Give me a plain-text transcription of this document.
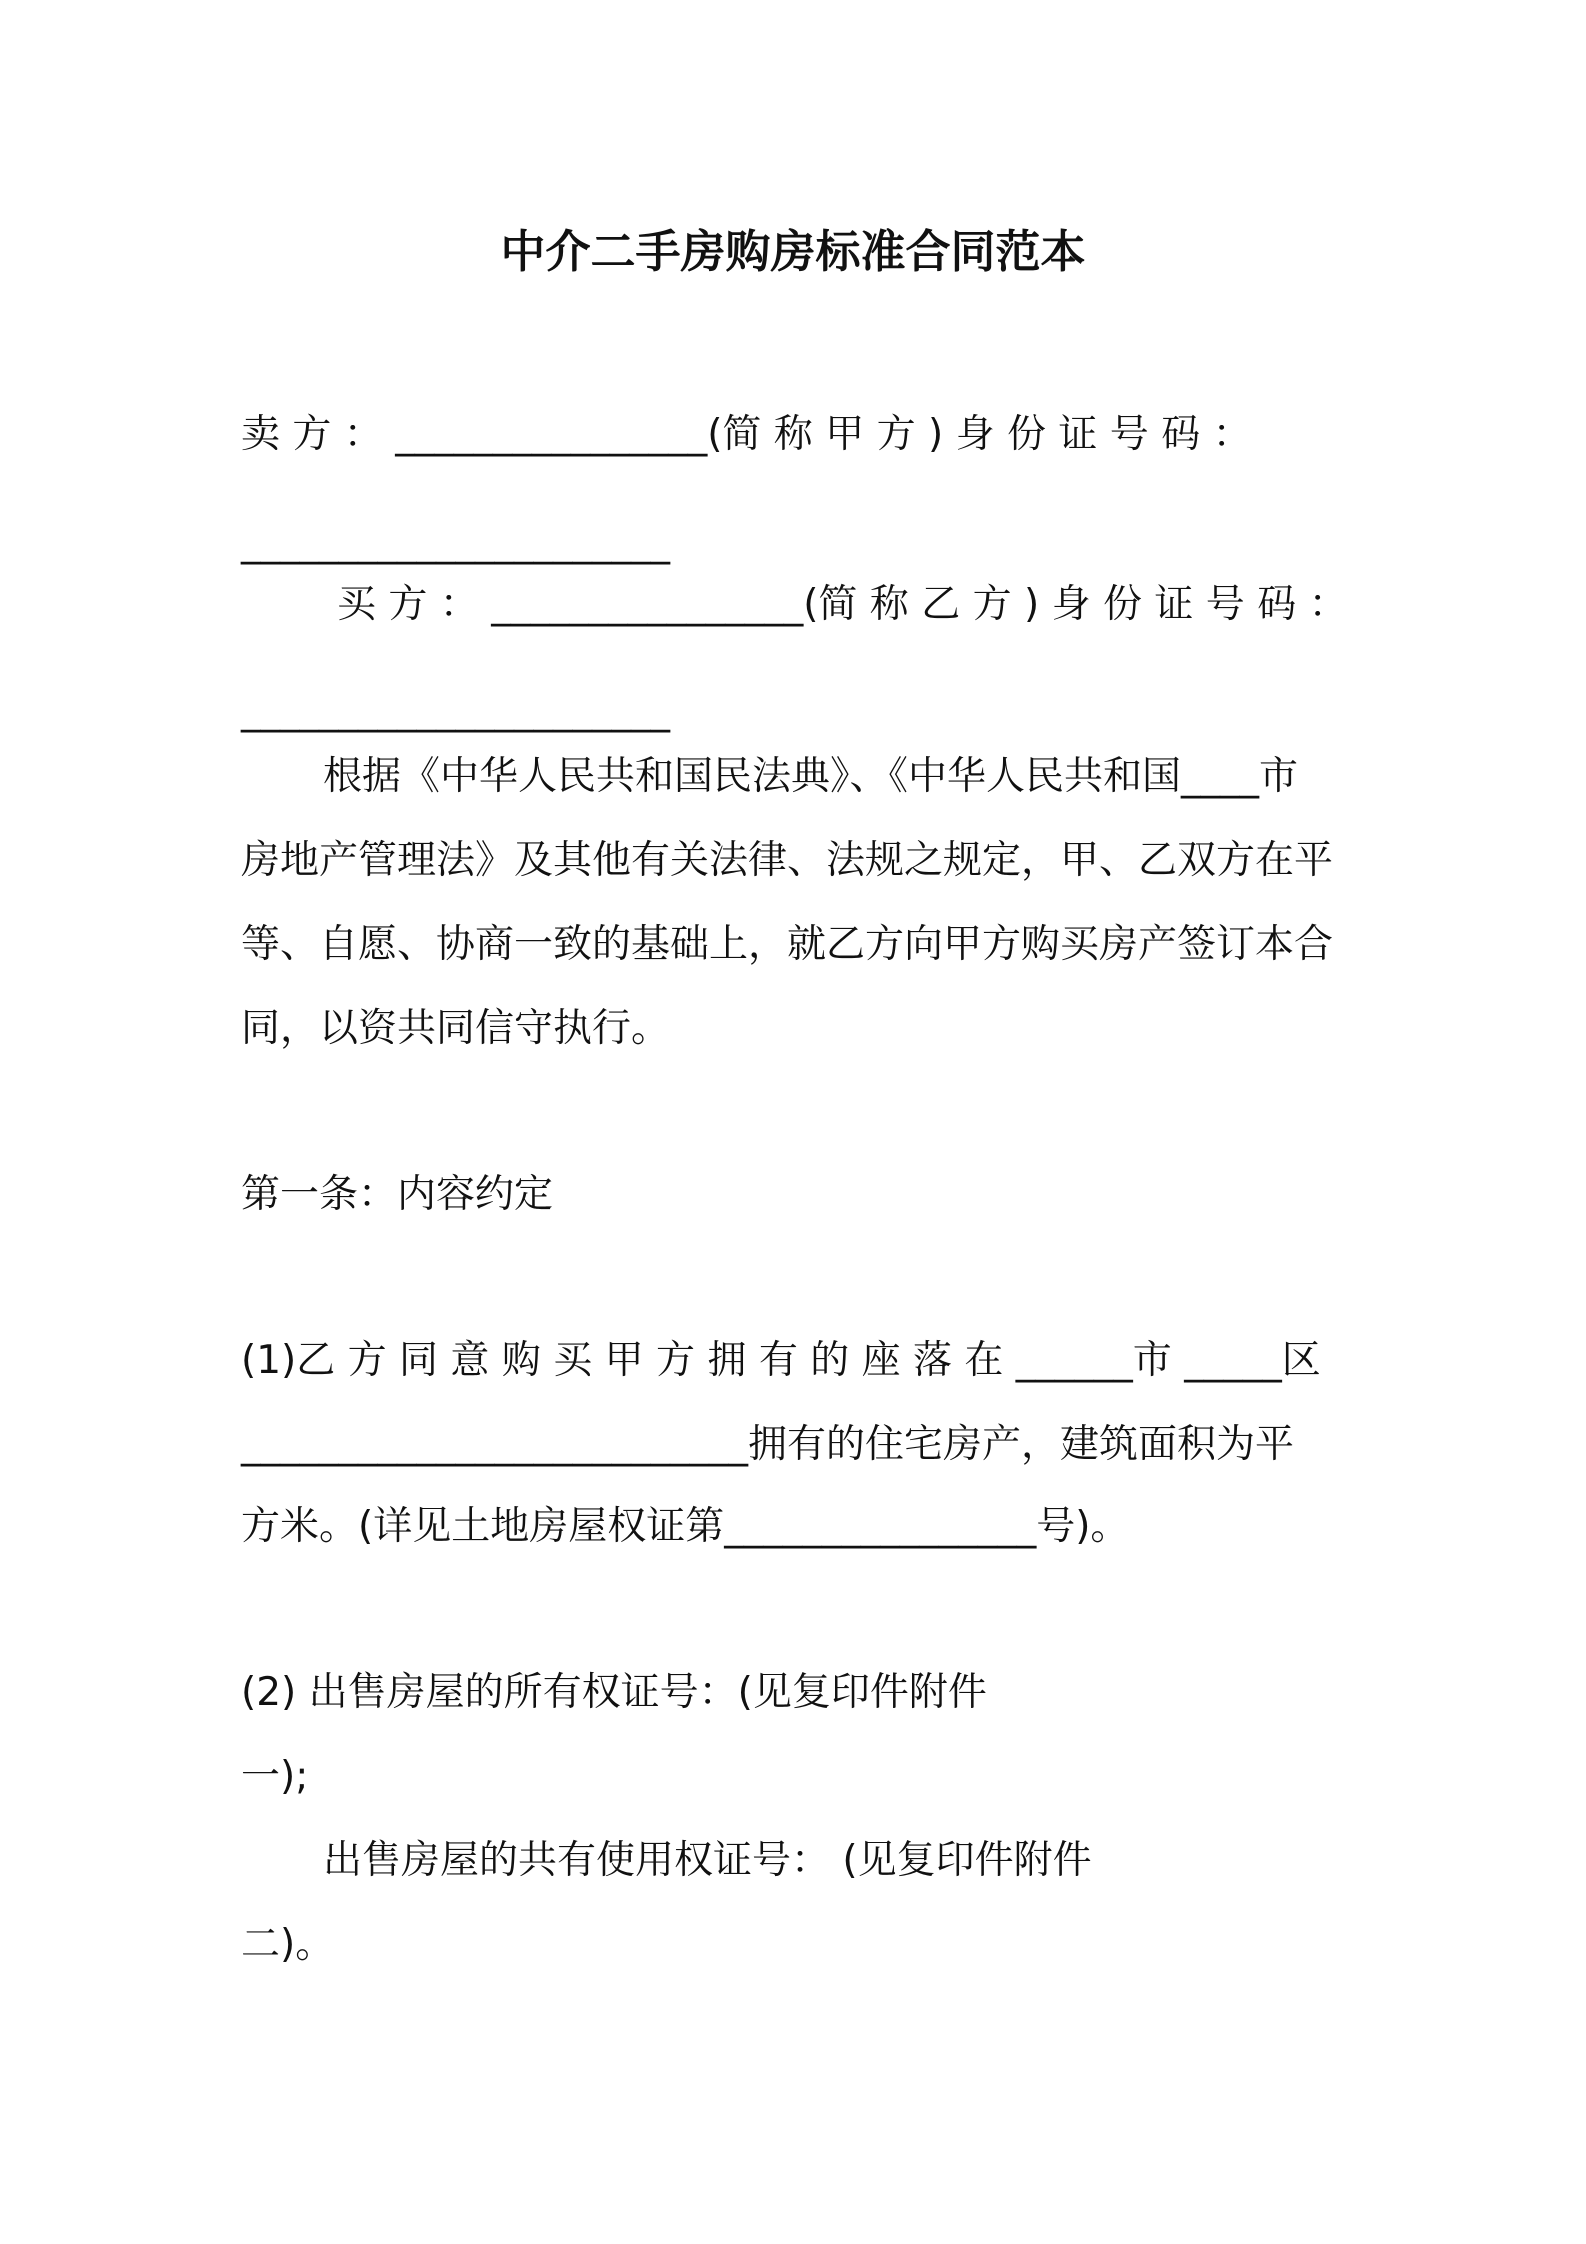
中介二手房购房标准合同范本

卖 方 ： ________________(简 称 甲 方 ) 身 份 证 号 码 ：

______________________

买 方 ： ________________(简 称 乙 方 ) 身 份 证 号 码 ：

______________________

根据《中华人民共和国民法典》、《中华人民共和国____市

房地产管理法》及其他有关法律、法规之规定，甲、乙双方在平

等、自愿、协商一致的基础上，就乙方向甲方购买房产签订本合

同，以资共同信守执行。

第一条：内容约定

(1)乙 方 同 意 购 买 甲 方 拥 有 的 座 落 在 ______市 _____区

__________________________拥有的住宅房产，建筑面积为平

方米。(详见土地房屋权证第________________号)。

(2) 出售房屋的所有权证号：(见复印件附件

一);

出售房屋的共有使用权证号： (见复印件附件

二)。
